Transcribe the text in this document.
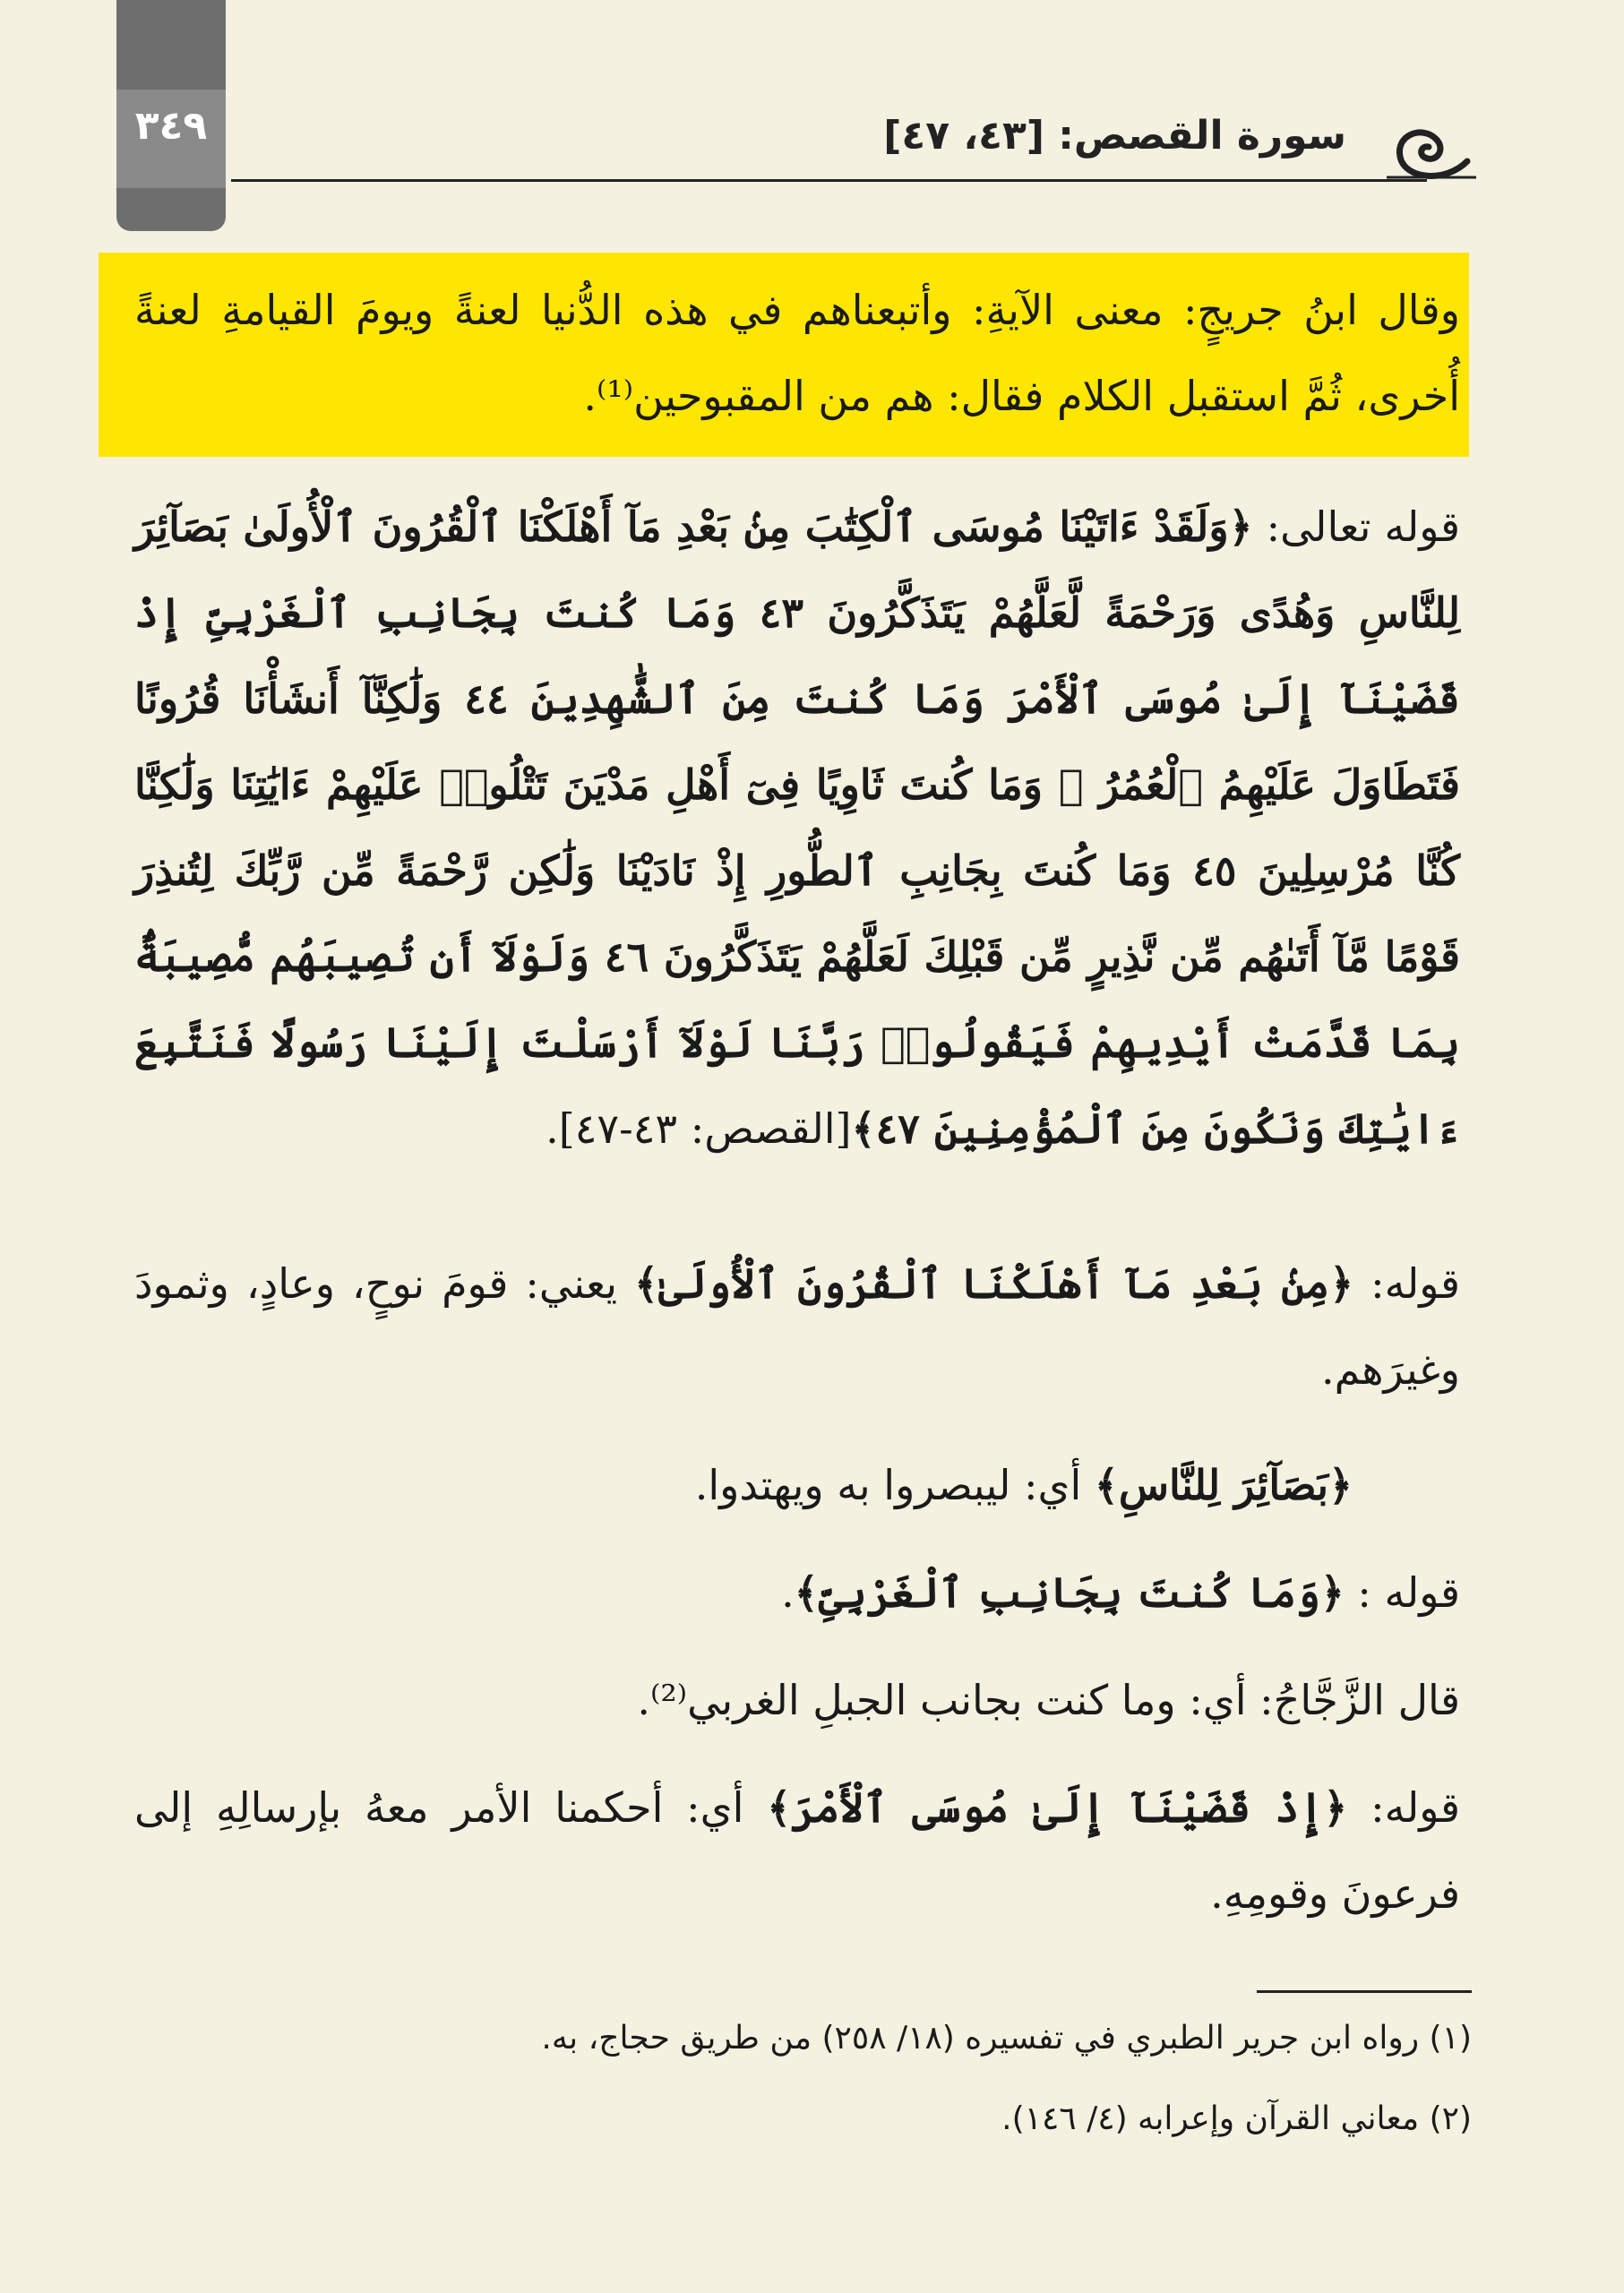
٣٤٩	سورة القصص: [٤٣، ٤٧]
وقال ابنُ جريجٍ: معنى الآيةِ: وأتبعناهم في هذه الدُّنيا لعنةً ويومَ القيامةِ لعنةً أُخرى، ثُمَّ استقبل الكلام فقال: هم من المقبوحين⁽¹⁾.
قوله تعالى: ﴿وَلَقَدْ ءَاتَيْنَا مُوسَى ٱلْكِتَٰبَ مِنۢ بَعْدِ مَآ أَهْلَكْنَا ٱلْقُرُونَ ٱلْأُولَىٰ بَصَآئِرَ لِلنَّاسِ وَهُدًى وَرَحْمَةً لَّعَلَّهُمْ يَتَذَكَّرُونَ ٤٣ وَمَا كُنتَ بِجَانِبِ ٱلْغَرْبِىِّ إِذْ قَضَيْنَآ إِلَىٰ مُوسَى ٱلْأَمْرَ وَمَا كُنتَ مِنَ ٱلشَّٰهِدِينَ ٤٤ وَلَٰكِنَّآ أَنشَأْنَا قُرُونًا فَتَطَاوَلَ عَلَيْهِمُ ٱلْعُمُرُ ۚ وَمَا كُنتَ ثَاوِيًا فِىٓ أَهْلِ مَدْيَنَ تَتْلُوا۟ عَلَيْهِمْ ءَايَٰتِنَا وَلَٰكِنَّا كُنَّا مُرْسِلِينَ ٤٥ وَمَا كُنتَ بِجَانِبِ ٱلطُّورِ إِذْ نَادَيْنَا وَلَٰكِن رَّحْمَةً مِّن رَّبِّكَ لِتُنذِرَ قَوْمًا مَّآ أَتَىٰهُم مِّن نَّذِيرٍ مِّن قَبْلِكَ لَعَلَّهُمْ يَتَذَكَّرُونَ ٤٦ وَلَوْلَآ أَن تُصِيبَهُم مُّصِيبَةٌۢ بِمَا قَدَّمَتْ أَيْدِيهِمْ فَيَقُولُوا۟ رَبَّنَا لَوْلَآ أَرْسَلْتَ إِلَيْنَا رَسُولًا فَنَتَّبِعَ ءَايَٰتِكَ وَنَكُونَ مِنَ ٱلْمُؤْمِنِينَ ٤٧﴾[القصص: ٤٣-٤٧].
قوله: ﴿مِنۢ بَعْدِ مَآ أَهْلَكْنَا ٱلْقُرُونَ ٱلْأُولَىٰ﴾ يعني: قومَ نوحٍ، وعادٍ، وثمودَ وغيرَهم.
﴿بَصَآئِرَ لِلنَّاسِ﴾ أي: ليبصروا به ويهتدوا.
قوله : ﴿وَمَا كُنتَ بِجَانِبِ ٱلْغَرْبِىِّ﴾.
قال الزَّجَّاجُ: أي: وما كنت بجانب الجبلِ الغربي⁽²⁾.
قوله: ﴿إِذْ قَضَيْنَآ إِلَىٰ مُوسَى ٱلْأَمْرَ﴾ أي: أحكمنا الأمر معهُ بإرسالِهِ إلى فرعونَ وقومِهِ.
(١) رواه ابن جرير الطبري في تفسيره (١٨/ ٢٥٨) من طريق حجاج، به.
(٢) معاني القرآن وإعرابه (٤/ ١٤٦).
